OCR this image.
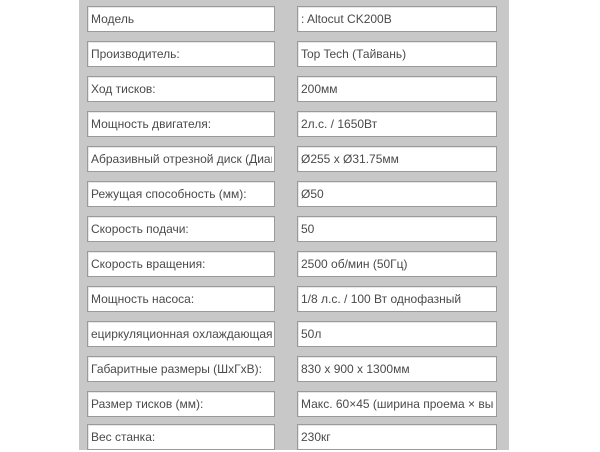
Модель
: Altocut CK200B
Производитель:
Top Tech (Тайвань)
Ход тисков:
200мм
Мощность двигателя:
2л.с. / 1650Вт
Абразивный отрезной диск (Диамет
Ø255 x Ø31.75мм
Режущая способность (мм):
Ø50
Скорость подачи:
50
Скорость вращения:
2500 об/мин (50Гц)
Мощность насоса:
1/8 л.с. / 100 Вт однофазный
ециркуляционная охлаждающая сис
50л
Габаритные размеры (ШxГxВ):
830 x 900 x 1300мм
Размер тисков (мм):
Макс. 60×45 (ширина проема × высо
Вес станка:
230кг
